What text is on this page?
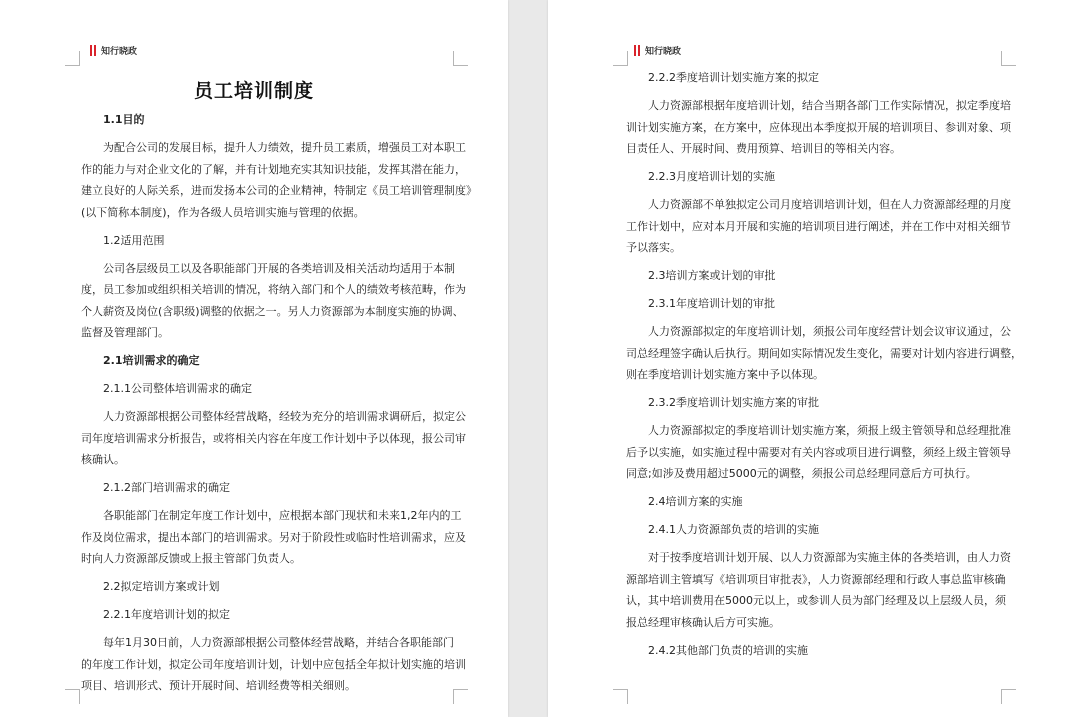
知行晓政
员工培训制度
1.1目的
为配合公司的发展目标，提升人力绩效，提升员工素质，增强员工对本职工
作的能力与对企业文化的了解，并有计划地充实其知识技能，发挥其潜在能力，
建立良好的人际关系，进而发扬本公司的企业精神，特制定《员工培训管理制度》
(以下简称本制度)，作为各级人员培训实施与管理的依据。
1.2适用范围
公司各层级员工以及各职能部门开展的各类培训及相关活动均适用于本制
度，员工参加或组织相关培训的情况，将纳入部门和个人的绩效考核范畴，作为
个人薪资及岗位(含职级)调整的依据之一。另人力资源部为本制度实施的协调、
监督及管理部门。
2.1培训需求的确定
2.1.1公司整体培训需求的确定
人力资源部根据公司整体经营战略，经较为充分的培训需求调研后，拟定公
司年度培训需求分析报告，或将相关内容在年度工作计划中予以体现，报公司审
核确认。
2.1.2部门培训需求的确定
各职能部门在制定年度工作计划中，应根据本部门现状和未来1,2年内的工
作及岗位需求，提出本部门的培训需求。另对于阶段性或临时性培训需求，应及
时向人力资源部反馈或上报主管部门负责人。
2.2拟定培训方案或计划
2.2.1年度培训计划的拟定
每年1月30日前，人力资源部根据公司整体经营战略，并结合各职能部门
的年度工作计划，拟定公司年度培训计划，计划中应包括全年拟计划实施的培训
项目、培训形式、预计开展时间、培训经费等相关细则。
知行晓政
2.2.2季度培训计划实施方案的拟定
人力资源部根据年度培训计划，结合当期各部门工作实际情况，拟定季度培
训计划实施方案，在方案中，应体现出本季度拟开展的培训项目、参训对象、项
目责任人、开展时间、费用预算、培训目的等相关内容。
2.2.3月度培训计划的实施
人力资源部不单独拟定公司月度培训培训计划，但在人力资源部经理的月度
工作计划中，应对本月开展和实施的培训项目进行阐述，并在工作中对相关细节
予以落实。
2.3培训方案或计划的审批
2.3.1年度培训计划的审批
人力资源部拟定的年度培训计划，须报公司年度经营计划会议审议通过，公
司总经理签字确认后执行。期间如实际情况发生变化，需要对计划内容进行调整，
则在季度培训计划实施方案中予以体现。
2.3.2季度培训计划实施方案的审批
人力资源部拟定的季度培训计划实施方案，须报上级主管领导和总经理批准
后予以实施，如实施过程中需要对有关内容或项目进行调整，须经上级主管领导
同意;如涉及费用超过5000元的调整，须报公司总经理同意后方可执行。
2.4培训方案的实施
2.4.1人力资源部负责的培训的实施
对于按季度培训计划开展、以人力资源部为实施主体的各类培训，由人力资
源部培训主管填写《培训项目审批表》，人力资源部经理和行政人事总监审核确
认，其中培训费用在5000元以上，或参训人员为部门经理及以上层级人员，须
报总经理审核确认后方可实施。
2.4.2其他部门负责的培训的实施
